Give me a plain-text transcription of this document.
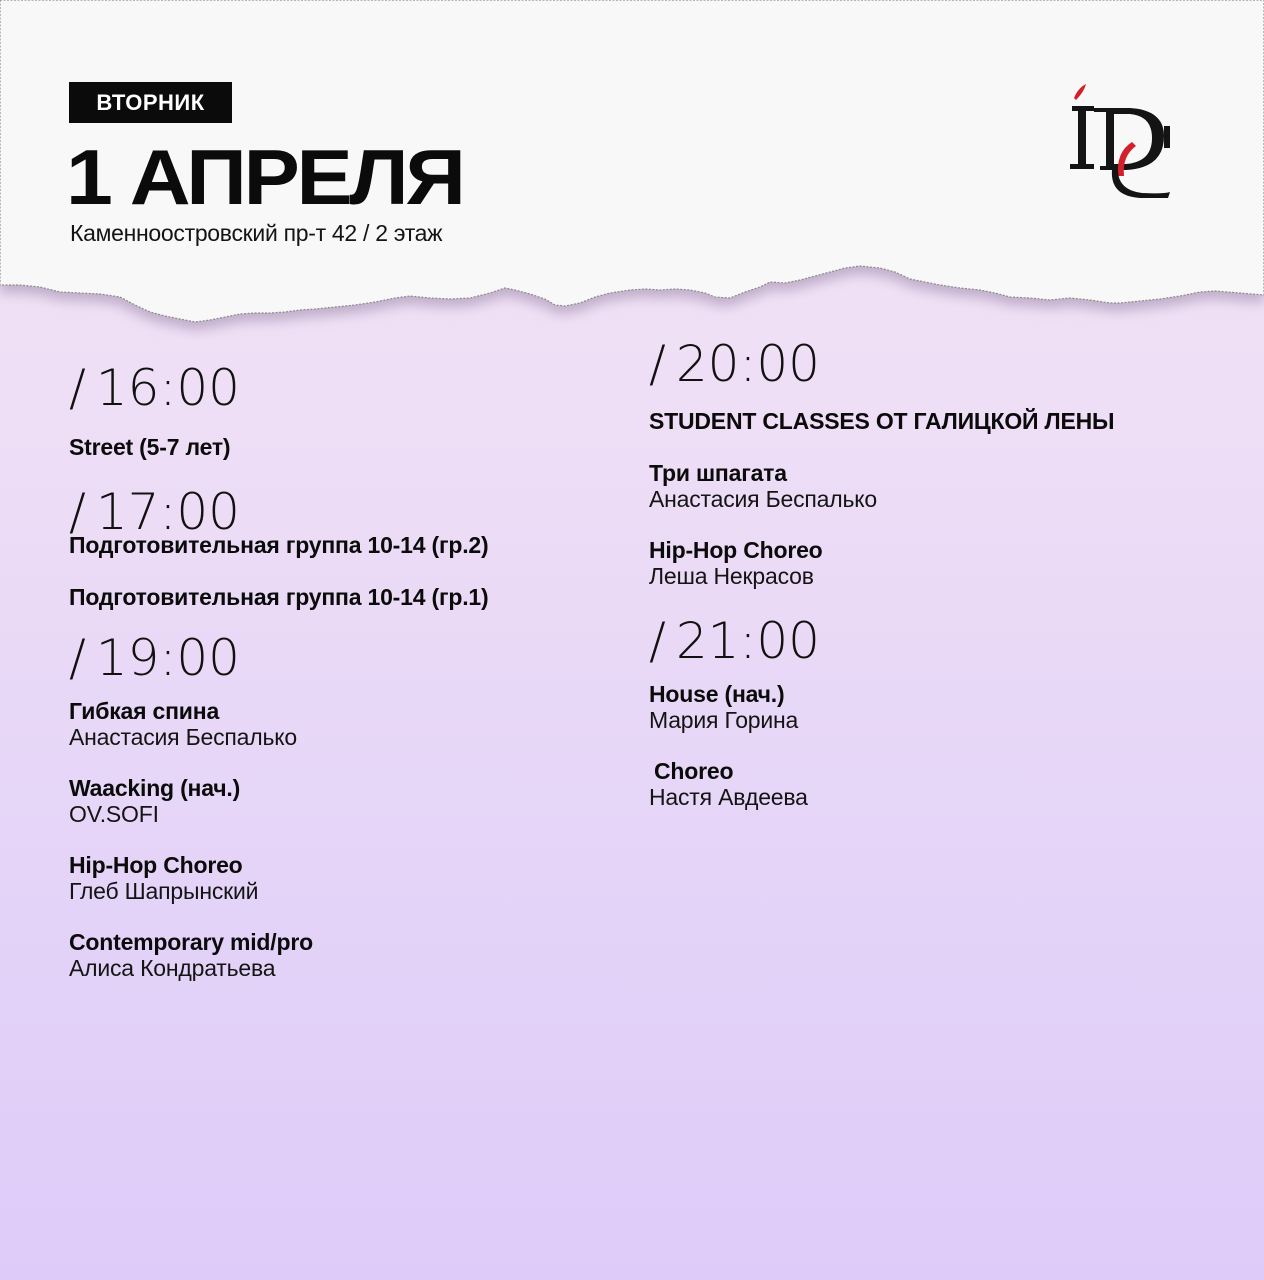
ВТОРНИК
1 АПРЕЛЯ
Каменноостровский пр-т 42 / 2 этаж
/ 16:00
Street (5-7 лет)
/ 17:00
Подготовительная группа 10-14 (гр.2)
Подготовительная группа 10-14 (гр.1)
/ 19:00
Гибкая спина
Анастасия Беспалько
Waacking (нач.)
OV.SOFI
Hip-Hop Choreo
Глеб Шапрынский
Contemporary mid/pro
Алиса Кондратьева
/ 20:00
STUDENT CLASSES ОТ ГАЛИЦКОЙ ЛЕНЫ
Три шпагата
Анастасия Беспалько
Hip-Hop Choreo
Леша Некрасов
/ 21:00
House (нач.)
Мария Горина
Choreo
Настя Авдеева
